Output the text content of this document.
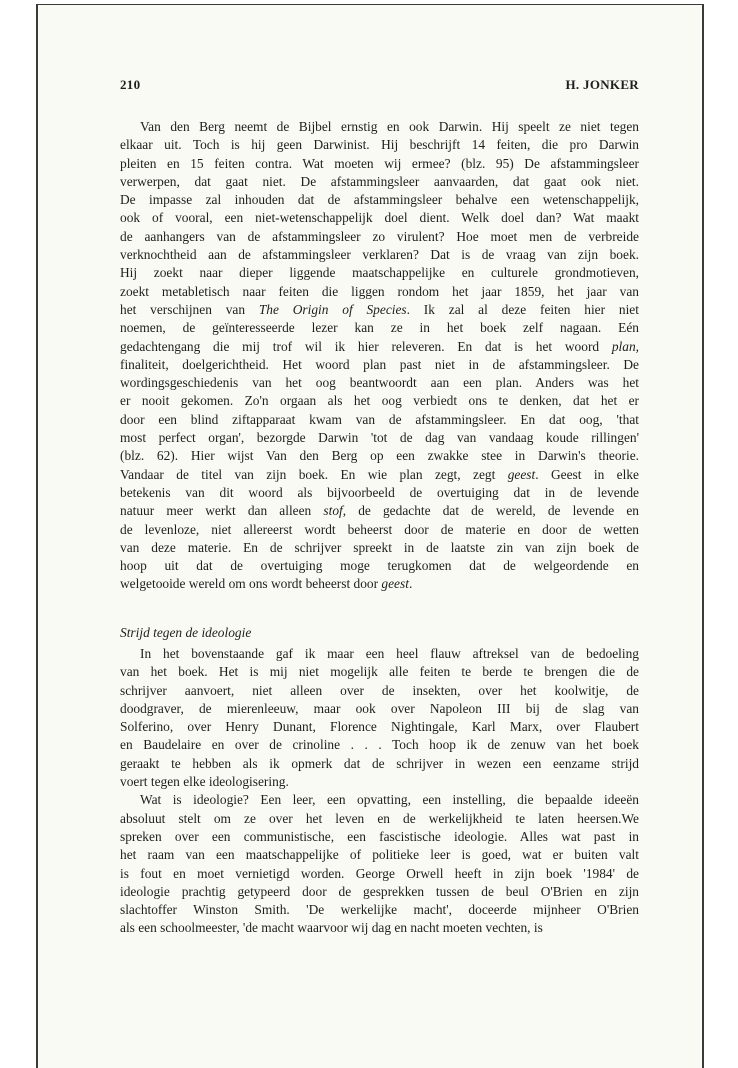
210	H. JONKER
Van den Berg neemt de Bijbel ernstig en ook Darwin. Hij speelt ze niet tegen
elkaar uit. Toch is hij geen Darwinist. Hij beschrijft 14 feiten, die pro Darwin
pleiten en 15 feiten contra. Wat moeten wij ermee? (blz. 95) De afstammingsleer
verwerpen, dat gaat niet. De afstammingsleer aanvaarden, dat gaat ook niet.
De impasse zal inhouden dat de afstammingsleer behalve een wetenschappelijk,
ook of vooral, een niet-wetenschappelijk doel dient. Welk doel dan? Wat maakt
de aanhangers van de afstammingsleer zo virulent? Hoe moet men de verbreide
verknochtheid aan de afstammingsleer verklaren? Dat is de vraag van zijn boek.
Hij zoekt naar dieper liggende maatschappelijke en culturele grondmotieven,
zoekt metabletisch naar feiten die liggen rondom het jaar 1859, het jaar van
het verschijnen van The Origin of Species. Ik zal al deze feiten hier niet
noemen, de geïnteresseerde lezer kan ze in het boek zelf nagaan. Eén
gedachtengang die mij trof wil ik hier releveren. En dat is het woord plan,
finaliteit, doelgerichtheid. Het woord plan past niet in de afstammingsleer. De
wordingsgeschiedenis van het oog beantwoordt aan een plan. Anders was het
er nooit gekomen. Zo'n orgaan als het oog verbiedt ons te denken, dat het er
door een blind ziftapparaat kwam van de afstammingsleer. En dat oog, 'that
most perfect organ', bezorgde Darwin 'tot de dag van vandaag koude rillingen'
(blz. 62). Hier wijst Van den Berg op een zwakke stee in Darwin's theorie.
Vandaar de titel van zijn boek. En wie plan zegt, zegt geest. Geest in elke
betekenis van dit woord als bijvoorbeeld de overtuiging dat in de levende
natuur meer werkt dan alleen stof, de gedachte dat de wereld, de levende en
de levenloze, niet allereerst wordt beheerst door de materie en door de wetten
van deze materie. En de schrijver spreekt in de laatste zin van zijn boek de
hoop uit dat de overtuiging moge terugkomen dat de welgeordende en
welgetooide wereld om ons wordt beheerst door geest.
Strijd tegen de ideologie
In het bovenstaande gaf ik maar een heel flauw aftreksel van de bedoeling
van het boek. Het is mij niet mogelijk alle feiten te berde te brengen die de
schrijver aanvoert, niet alleen over de insekten, over het koolwitje, de
doodgraver, de mierenleeuw, maar ook over Napoleon III bij de slag van
Solferino, over Henry Dunant, Florence Nightingale, Karl Marx, over Flaubert
en Baudelaire en over de crinoline . . . Toch hoop ik de zenuw van het boek
geraakt te hebben als ik opmerk dat de schrijver in wezen een eenzame strijd
voert tegen elke ideologisering.
Wat is ideologie? Een leer, een opvatting, een instelling, die bepaalde ideeën
absoluut stelt om ze over het leven en de werkelijkheid te laten heersen.We
spreken over een communistische, een fascistische ideologie. Alles wat past in
het raam van een maatschappelijke of politieke leer is goed, wat er buiten valt
is fout en moet vernietigd worden. George Orwell heeft in zijn boek '1984' de
ideologie prachtig getypeerd door de gesprekken tussen de beul O'Brien en zijn
slachtoffer Winston Smith. 'De werkelijke macht', doceerde mijnheer O'Brien
als een schoolmeester, 'de macht waarvoor wij dag en nacht moeten vechten, is
